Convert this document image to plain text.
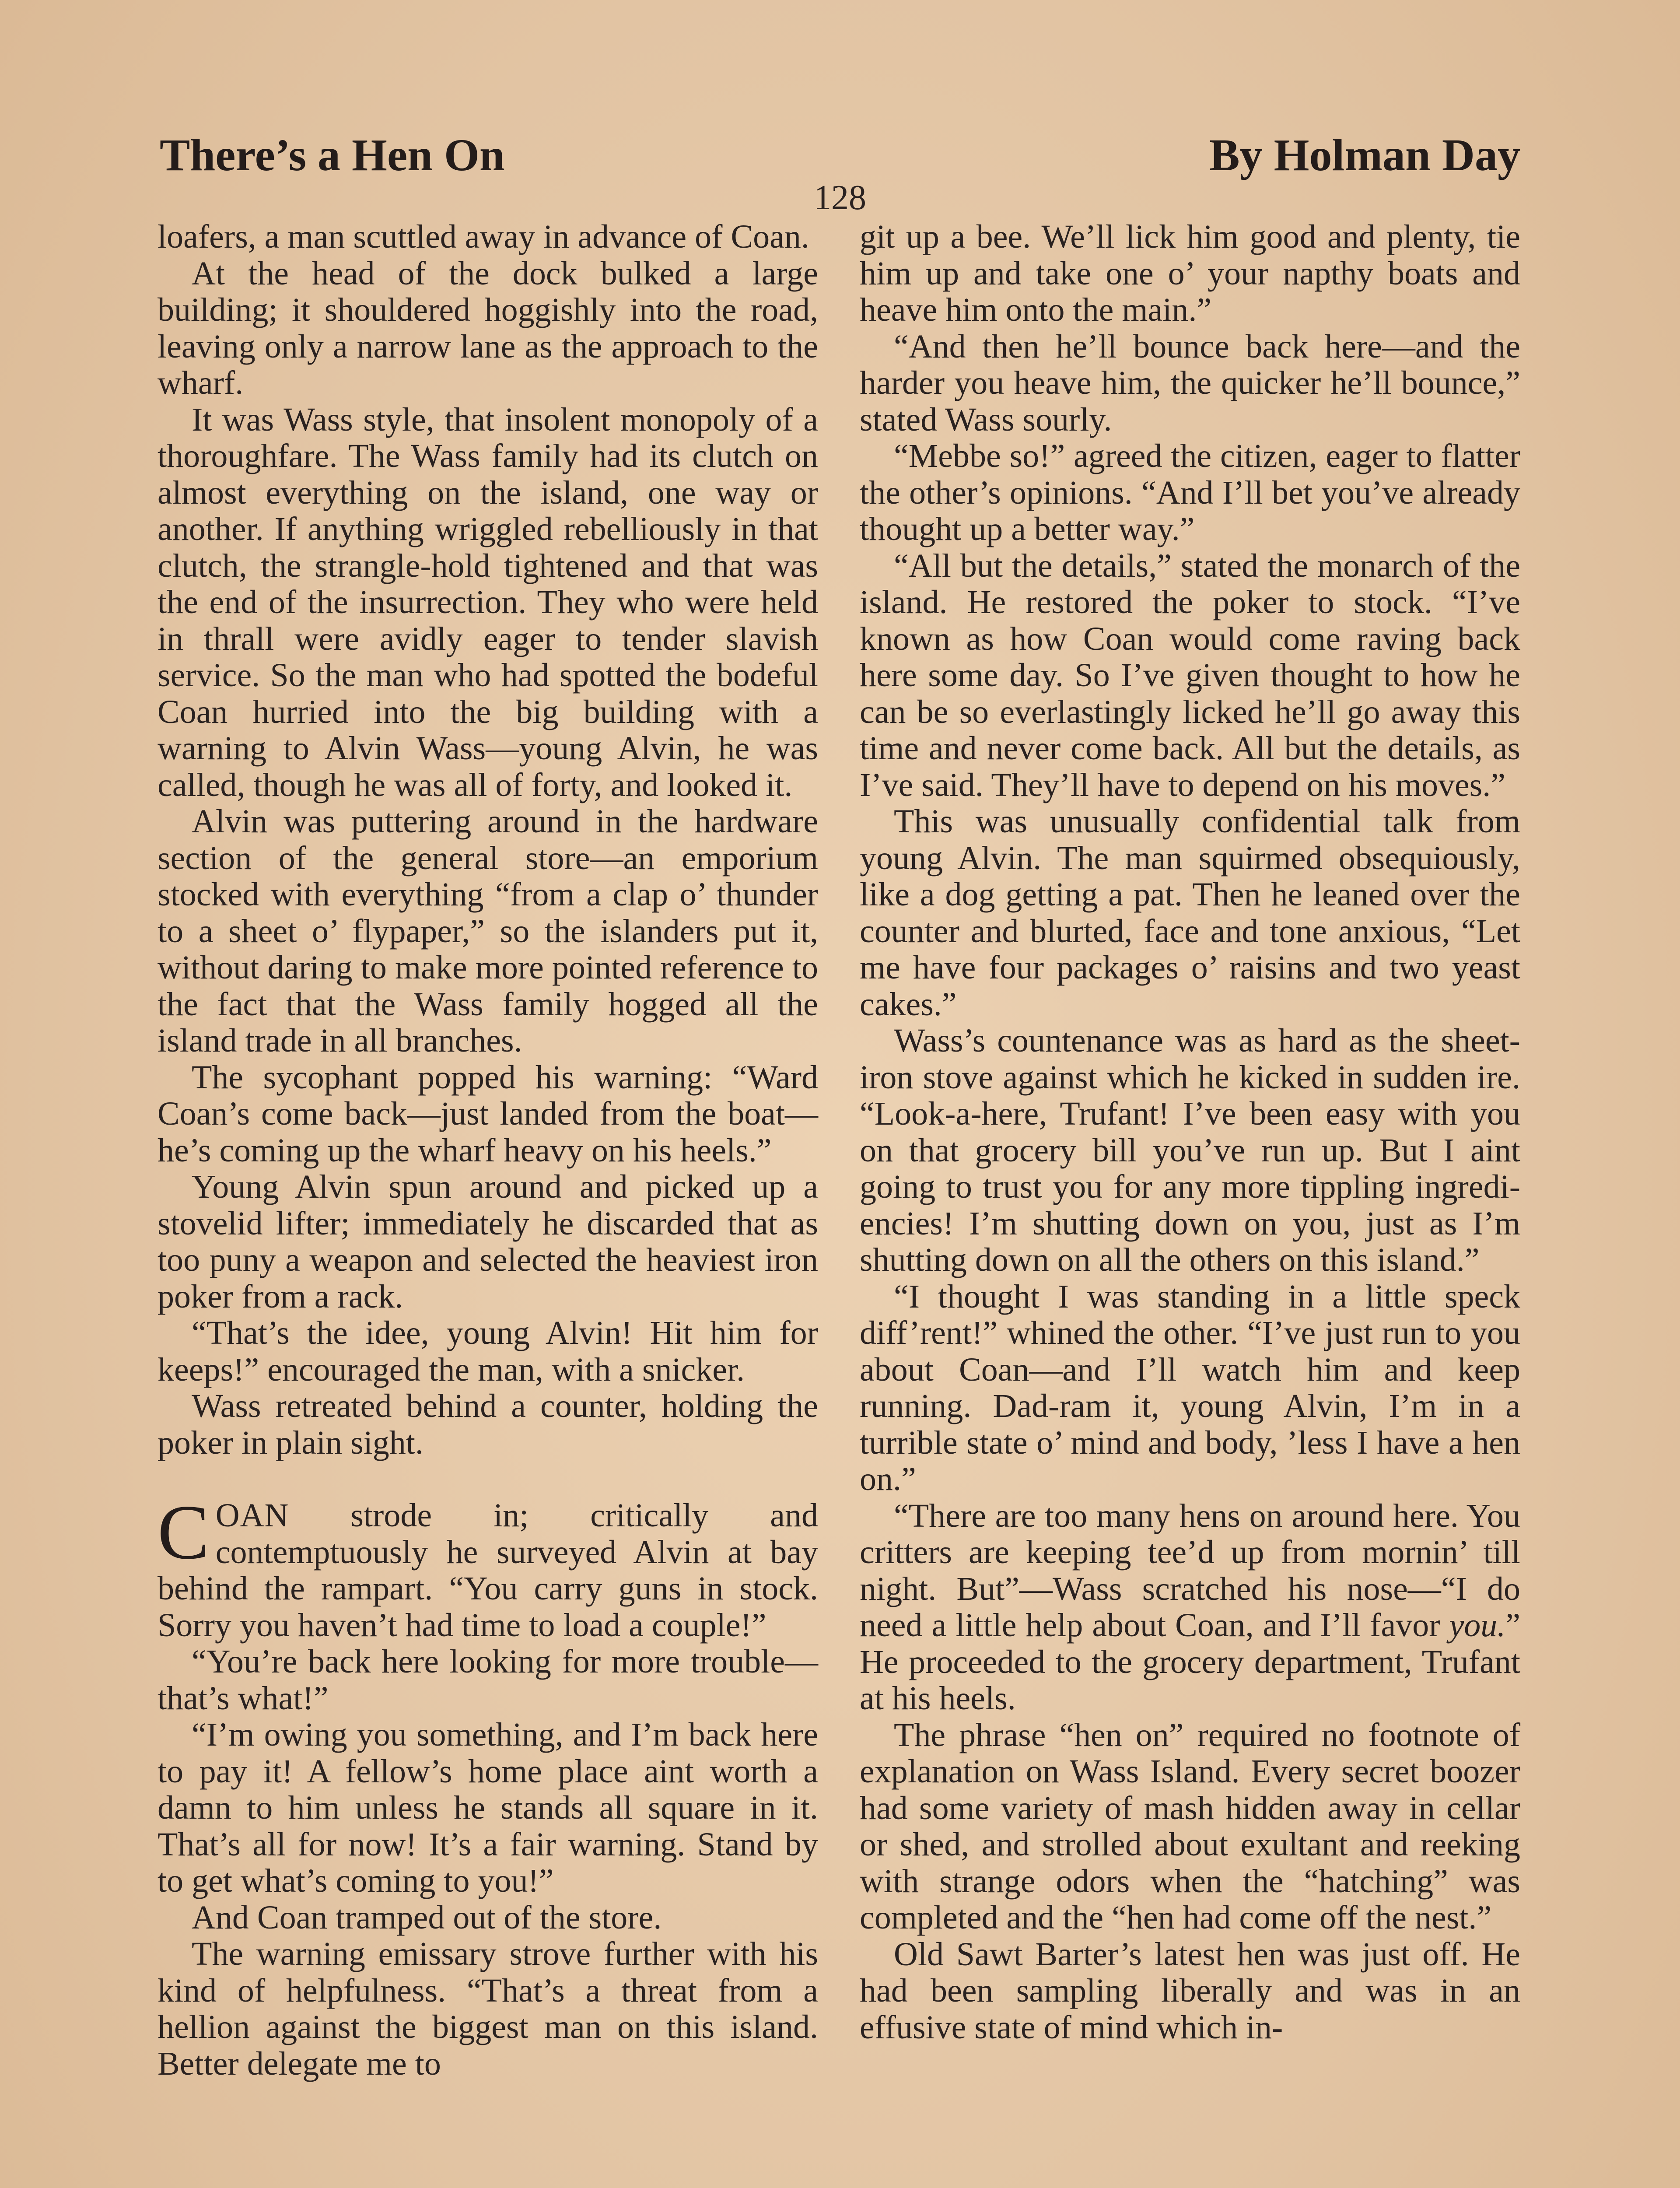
There’s a Hen On	By Holman Day
128

loafers, a man scuttled away in advance of Coan.

At the head of the dock bulked a large building; it shouldered hoggishly into the road, leaving only a narrow lane as the approach to the wharf.

It was Wass style, that insolent monopoly of a thoroughfare. The Wass family had its clutch on almost everything on the island, one way or another. If anything wriggled rebelliously in that clutch, the strangle-hold tightened and that was the end of the insurrection. They who were held in thrall were avidly eager to tender slavish service. So the man who had spotted the bodeful Coan hurried into the big building with a warning to Alvin Wass—young Alvin, he was called, though he was all of forty, and looked it.

Alvin was puttering around in the hardware section of the general store—an emporium stocked with everything “from a clap o’ thunder to a sheet o’ flypaper,” so the islanders put it, without daring to make more pointed reference to the fact that the Wass family hogged all the island trade in all branches.

The sycophant popped his warning: “Ward Coan’s come back—just landed from the boat—he’s coming up the wharf heavy on his heels.”

Young Alvin spun around and picked up a stovelid lifter; immediately he discarded that as too puny a weapon and selected the heaviest iron poker from a rack.

“That’s the idee, young Alvin! Hit him for keeps!” encouraged the man, with a snicker.

Wass retreated behind a counter, holding the poker in plain sight.

COAN strode in; critically and contemptuously he surveyed Alvin at bay behind the rampart. “You carry guns in stock. Sorry you haven’t had time to load a couple!”

“You’re back here looking for more trouble—that’s what!”

“I’m owing you something, and I’m back here to pay it! A fellow’s home place aint worth a damn to him unless he stands all square in it. That’s all for now! It’s a fair warning. Stand by to get what’s coming to you!”

And Coan tramped out of the store.

The warning emissary strove further with his kind of helpfulness. “That’s a threat from a hellion against the biggest man on this island. Better delegate me to

git up a bee. We’ll lick him good and plenty, tie him up and take one o’ your napthy boats and heave him onto the main.”

“And then he’ll bounce back here—and the harder you heave him, the quicker he’ll bounce,” stated Wass sourly.

“Mebbe so!” agreed the citizen, eager to flatter the other’s opinions. “And I’ll bet you’ve already thought up a better way.”

“All but the details,” stated the monarch of the island. He restored the poker to stock. “I’ve known as how Coan would come raving back here some day. So I’ve given thought to how he can be so everlastingly licked he’ll go away this time and never come back. All but the details, as I’ve said. They’ll have to depend on his moves.”

This was unusually confidential talk from young Alvin. The man squirmed obsequiously, like a dog getting a pat. Then he leaned over the counter and blurted, face and tone anxious, “Let me have four packages o’ raisins and two yeast cakes.”

Wass’s countenance was as hard as the sheet-iron stove against which he kicked in sudden ire. “Look-a-here, Trufant! I’ve been easy with you on that grocery bill you’ve run up. But I aint going to trust you for any more tippling ingrediencies! I’m shutting down on you, just as I’m shutting down on all the others on this island.”

“I thought I was standing in a little speck diff’rent!” whined the other. “I’ve just run to you about Coan—and I’ll watch him and keep running. Dad-ram it, young Alvin, I’m in a turrible state o’ mind and body, ’less I have a hen on.”

“There are too many hens on around here. You critters are keeping tee’d up from mornin’ till night. But”—Wass scratched his nose—“I do need a little help about Coan, and I’ll favor you.” He proceeded to the grocery department, Trufant at his heels.

The phrase “hen on” required no footnote of explanation on Wass Island. Every secret boozer had some variety of mash hidden away in cellar or shed, and strolled about exultant and reeking with strange odors when the “hatching” was completed and the “hen had come off the nest.”

Old Sawt Barter’s latest hen was just off. He had been sampling liberally and was in an effusive state of mind which in-
